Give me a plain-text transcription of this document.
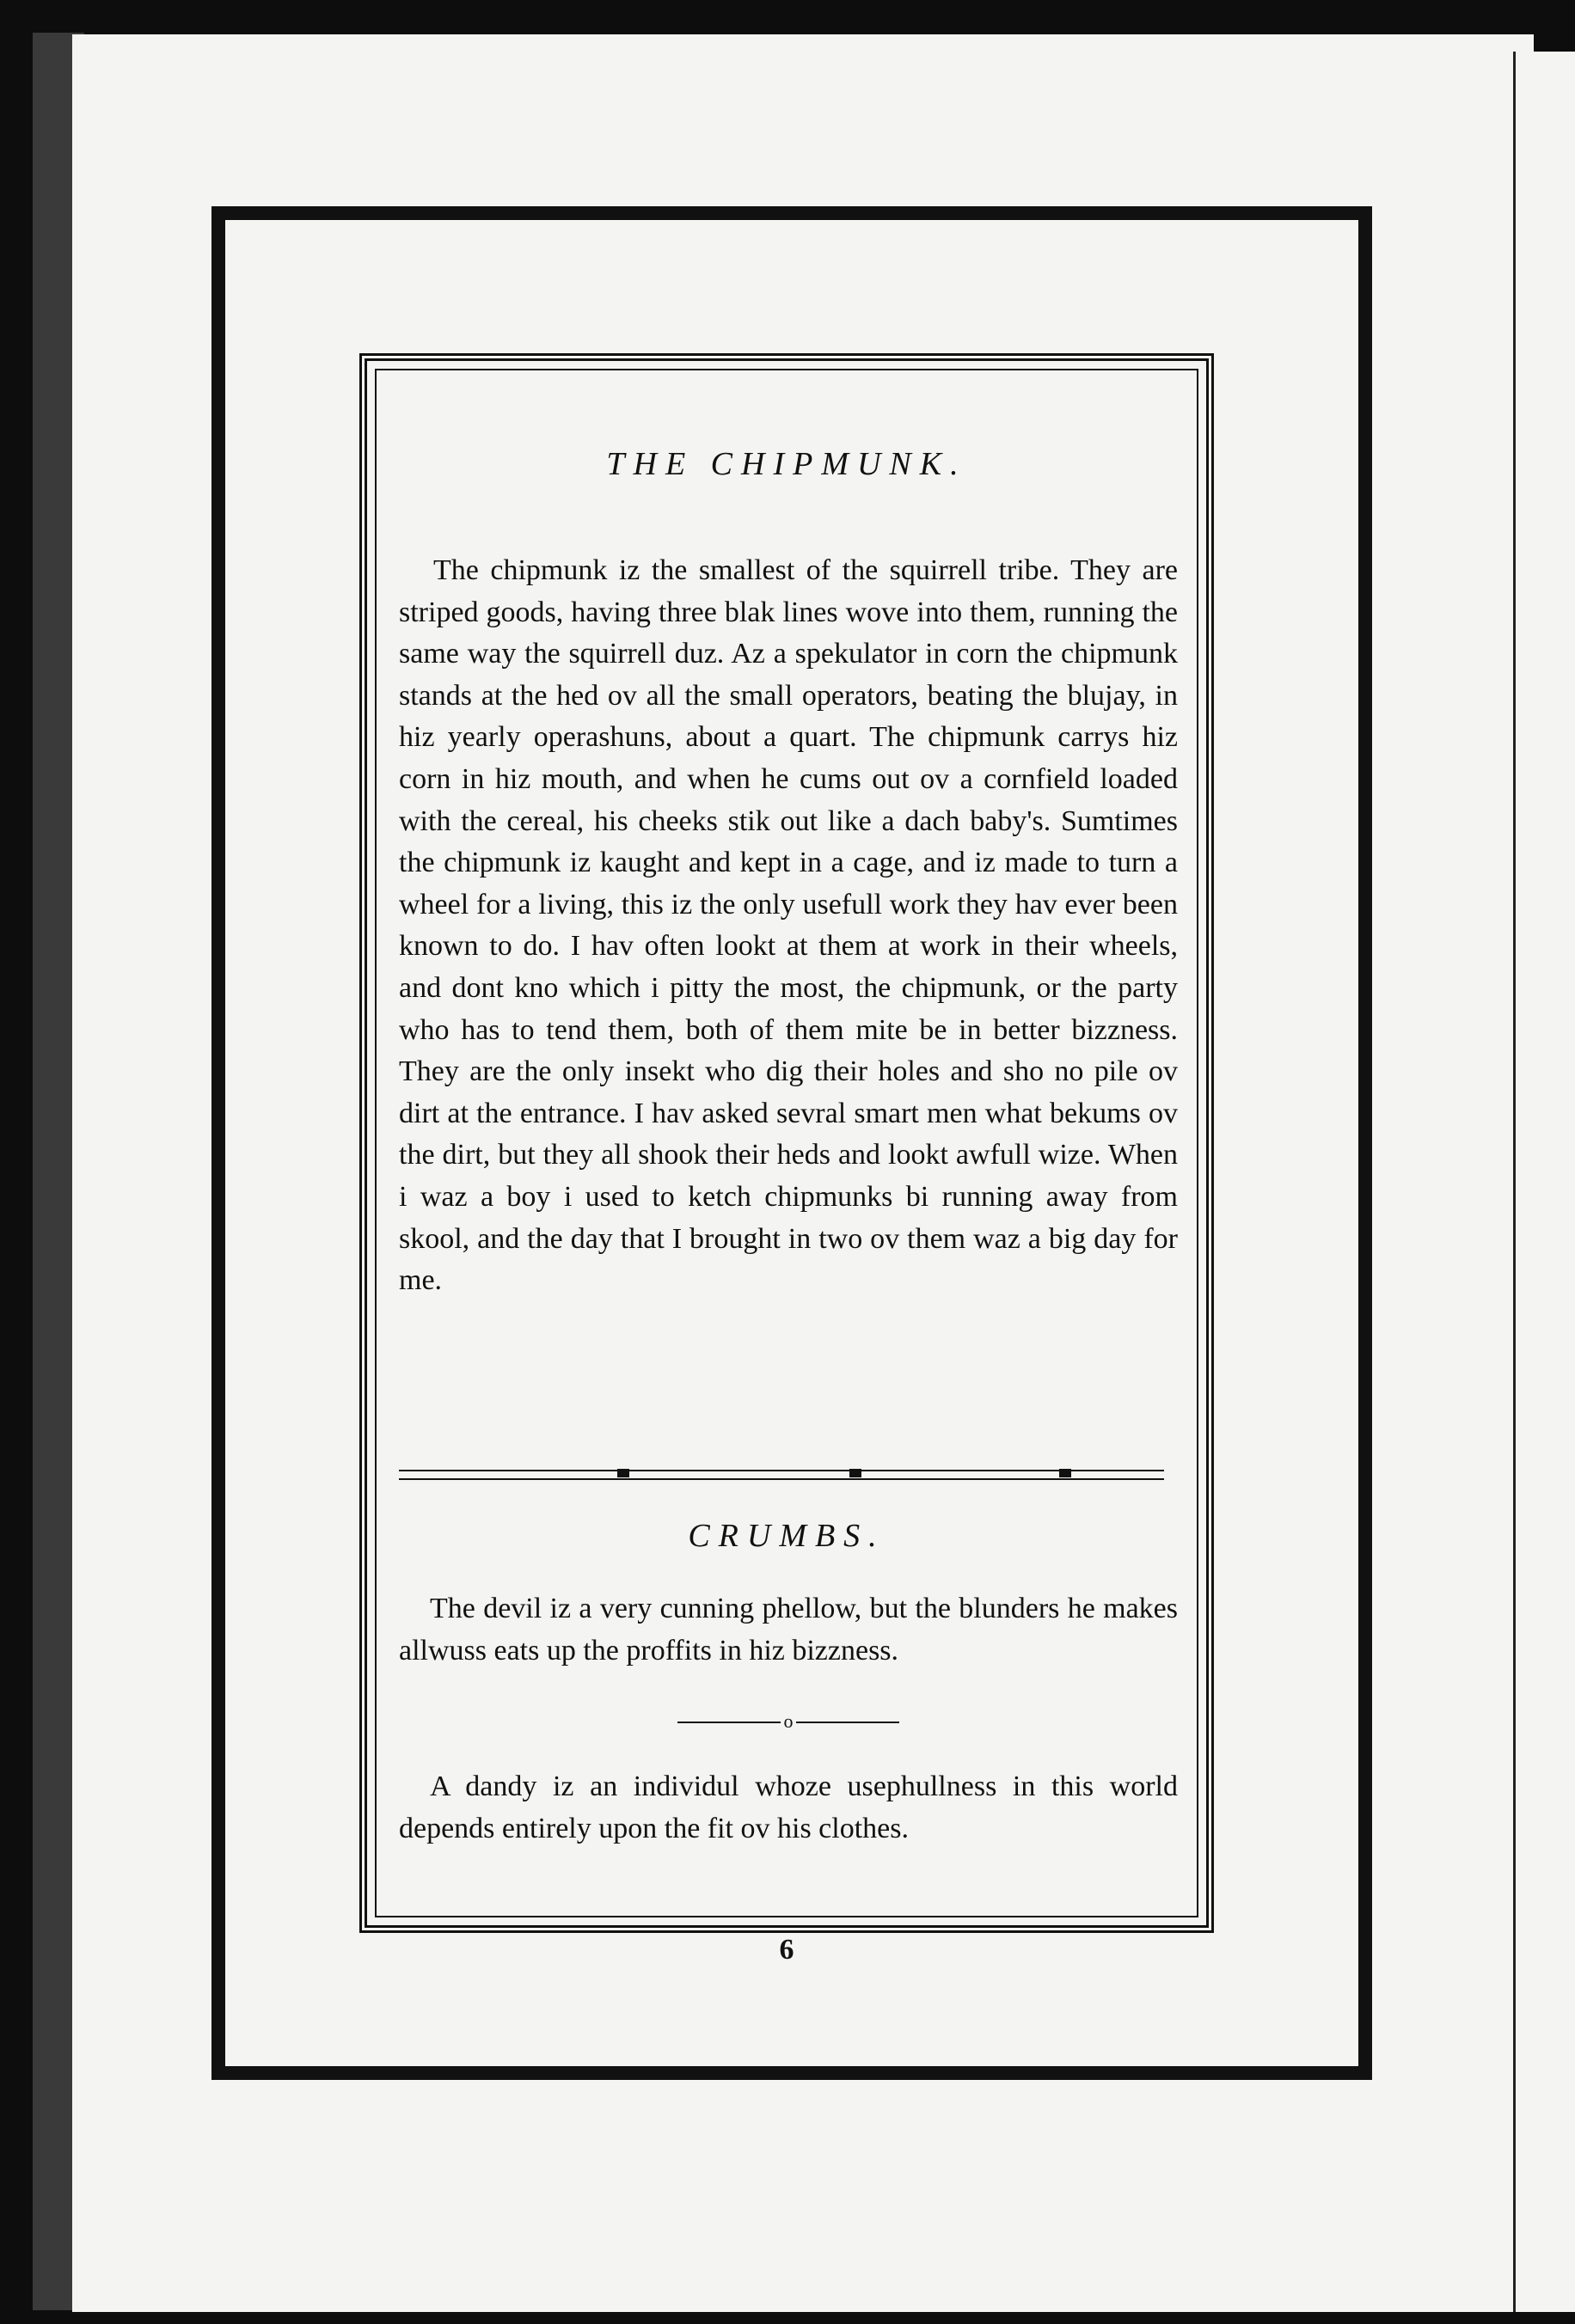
THE CHIPMUNK.

The chipmunk iz the smallest of the squirrell tribe. They are striped goods, having three blak lines wove into them, running the same way the squirrell duz. Az a spekulator in corn the chipmunk stands at the hed ov all the small operators, beating the blujay, in hiz yearly operashuns, about a quart. The chipmunk carrys hiz corn in hiz mouth, and when he cums out ov a cornfield loaded with the cereal, his cheeks stik out like a dach baby's. Sumtimes the chipmunk iz kaught and kept in a cage, and iz made to turn a wheel for a living, this iz the only usefull work they hav ever been known to do. I hav often lookt at them at work in their wheels, and dont kno which i pitty the most, the chipmunk, or the party who has to tend them, both of them mite be in better bizzness. They are the only insekt who dig their holes and sho no pile ov dirt at the entrance. I hav asked sevral smart men what bekums ov the dirt, but they all shook their heds and lookt awfull wize. When i waz a boy i used to ketch chipmunks bi running away from skool, and the day that I brought in two ov them waz a big day for me.

CRUMBS.

The devil iz a very cunning phellow, but the blunders he makes allwuss eats up the proffits in hiz bizzness.

o

A dandy iz an individul whoze usephullness in this world depends entirely upon the fit ov his clothes.

6
